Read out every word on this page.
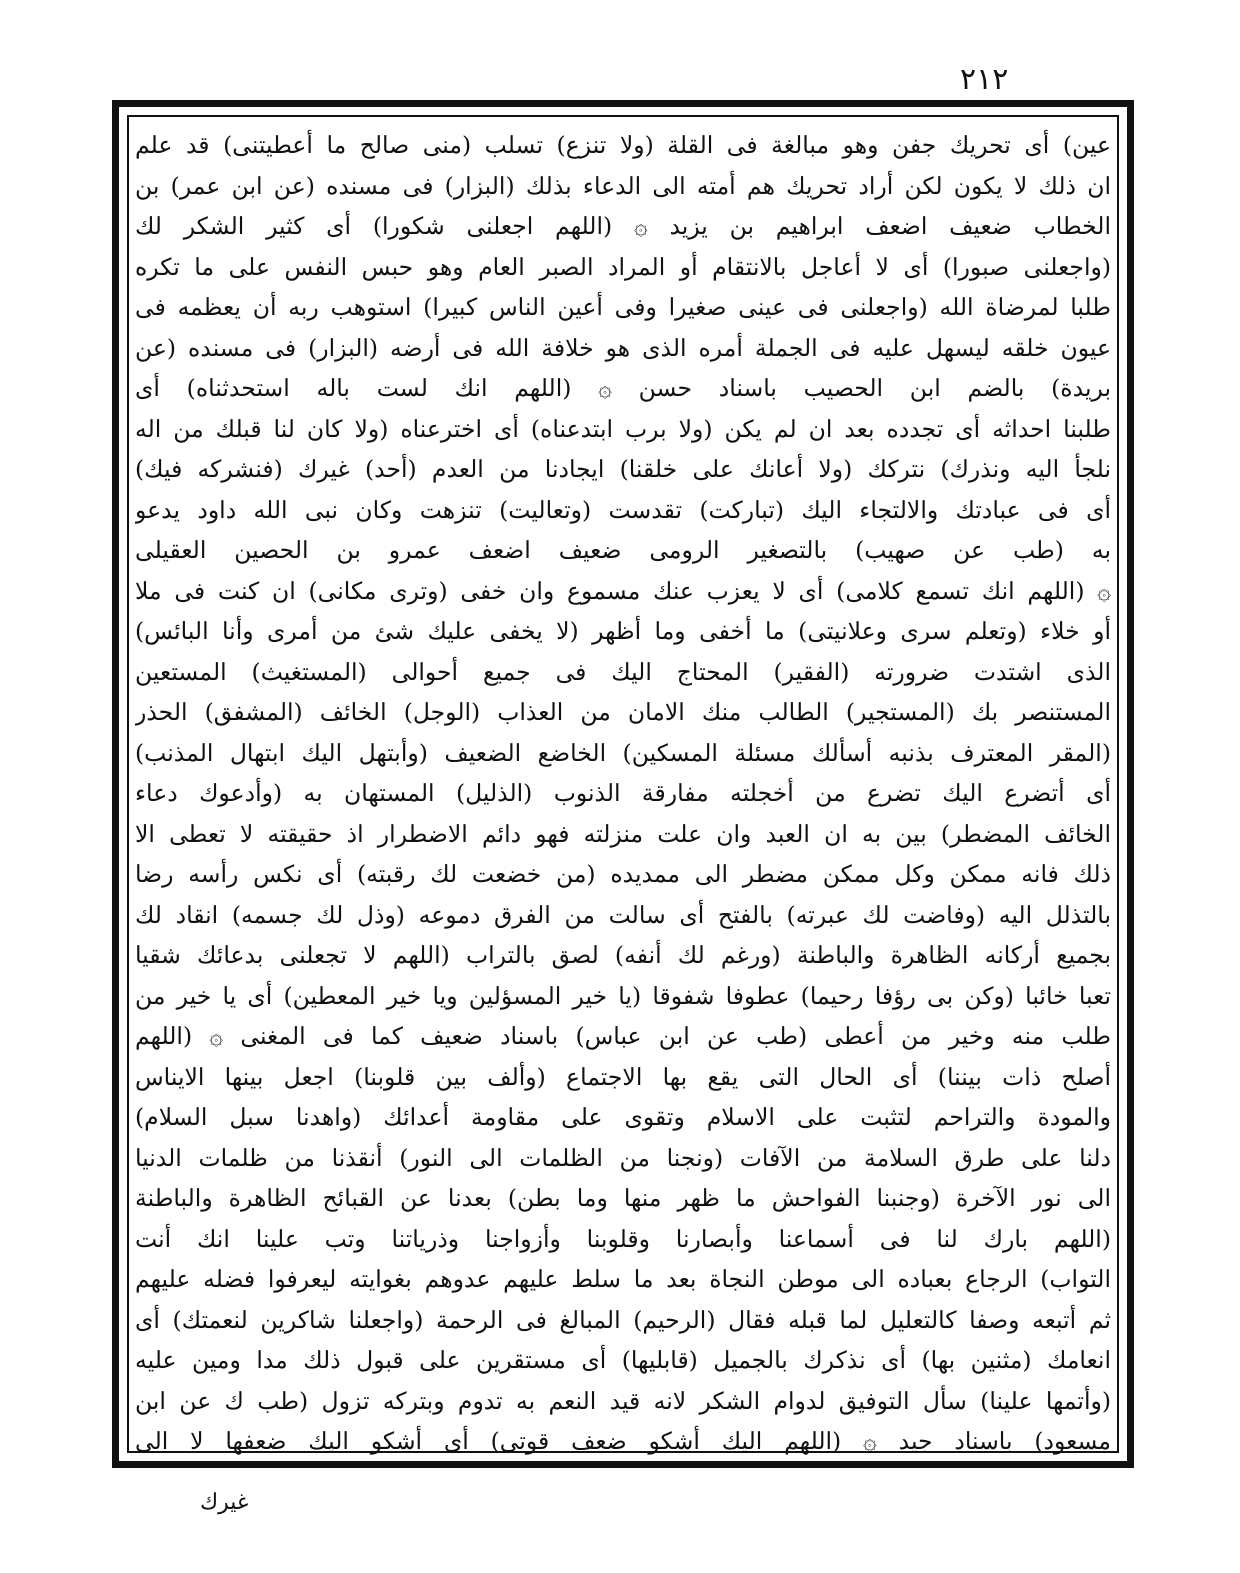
٢١٢
عين) أى تحريك جفن وهو مبالغة فى القلة (ولا تنزع) تسلب (منى صالح ما أعطيتنى) قد علم
ان ذلك لا يكون لكن أراد تحريك هم أمته الى الدعاء بذلك (البزار) فى مسنده (عن ابن عمر) بن
الخطاب ضعيف اضعف ابراهيم بن يزيد ۞ (اللهم اجعلنى شكورا) أى كثير الشكر لك
(واجعلنى صبورا) أى لا أعاجل بالانتقام أو المراد الصبر العام وهو حبس النفس على ما تكره
طلبا لمرضاة الله (واجعلنى فى عينى صغيرا وفى أعين الناس كبيرا) استوهب ربه أن يعظمه فى
عيون خلقه ليسهل عليه فى الجملة أمره الذى هو خلافة الله فى أرضه (البزار) فى مسنده (عن
بريدة) بالضم ابن الحصيب باسناد حسن ۞ (اللهم انك لست باله استحدثناه) أى
طلبنا احداثه أى تجدده بعد ان لم يكن (ولا برب ابتدعناه) أى اخترعناه (ولا كان لنا قبلك من اله
نلجأ اليه ونذرك) نتركك (ولا أعانك على خلقنا) ايجادنا من العدم (أحد) غيرك (فنشركه فيك)
أى فى عبادتك والالتجاء اليك (تباركت) تقدست (وتعاليت) تنزهت وكان نبى الله داود يدعو
به (طب عن صهيب) بالتصغير الرومى ضعيف اضعف عمرو بن الحصين العقيلى
۞ (اللهم انك تسمع كلامى) أى لا يعزب عنك مسموع وان خفى (وترى مكانى) ان كنت فى ملا
أو خلاء (وتعلم سرى وعلانيتى) ما أخفى وما أظهر (لا يخفى عليك شئ من أمرى وأنا البائس)
الذى اشتدت ضرورته (الفقير) المحتاج اليك فى جميع أحوالى (المستغيث) المستعين
المستنصر بك (المستجير) الطالب منك الامان من العذاب (الوجل) الخائف (المشفق) الحذر
(المقر المعترف بذنبه أسألك مسئلة المسكين) الخاضع الضعيف (وأبتهل اليك ابتهال المذنب)
أى أتضرع اليك تضرع من أخجلته مفارقة الذنوب (الذليل) المستهان به (وأدعوك دعاء
الخائف المضطر) بين به ان العبد وان علت منزلته فهو دائم الاضطرار اذ حقيقته لا تعطى الا
ذلك فانه ممكن وكل ممكن مضطر الى ممديده (من خضعت لك رقبته) أى نكس رأسه رضا
بالتذلل اليه (وفاضت لك عبرته) بالفتح أى سالت من الفرق دموعه (وذل لك جسمه) انقاد لك
بجميع أركانه الظاهرة والباطنة (ورغم لك أنفه) لصق بالتراب (اللهم لا تجعلنى بدعائك شقيا
تعبا خائبا (وكن بى رؤفا رحيما) عطوفا شفوقا (يا خير المسؤلين ويا خير المعطين) أى يا خير من
طلب منه وخير من أعطى (طب عن ابن عباس) باسناد ضعيف كما فى المغنى ۞ (اللهم
أصلح ذات بيننا) أى الحال التى يقع بها الاجتماع (وألف بين قلوبنا) اجعل بينها الايناس
والمودة والتراحم لتثبت على الاسلام وتقوى على مقاومة أعدائك (واهدنا سبل السلام)
دلنا على طرق السلامة من الآفات (ونجنا من الظلمات الى النور) أنقذنا من ظلمات الدنيا
الى نور الآخرة (وجنبنا الفواحش ما ظهر منها وما بطن) بعدنا عن القبائح الظاهرة والباطنة
(اللهم بارك لنا فى أسماعنا وأبصارنا وقلوبنا وأزواجنا وذرياتنا وتب علينا انك أنت
التواب) الرجاع بعباده الى موطن النجاة بعد ما سلط عليهم عدوهم بغوايته ليعرفوا فضله عليهم
ثم أتبعه وصفا كالتعليل لما قبله فقال (الرحيم) المبالغ فى الرحمة (واجعلنا شاكرين لنعمتك) أى
انعامك (مثنين بها) أى نذكرك بالجميل (قابليها) أى مستقرين على قبول ذلك مدا ومين عليه
(وأتمها علينا) سأل التوفيق لدوام الشكر لانه قيد النعم به تدوم وبتركه تزول (طب ك عن ابن
مسعود) باسناد جيد ۞ (اللهم اليك أشكو ضعف قوتى) أى أشكو اليك ضعفها لا الى
غيرك
